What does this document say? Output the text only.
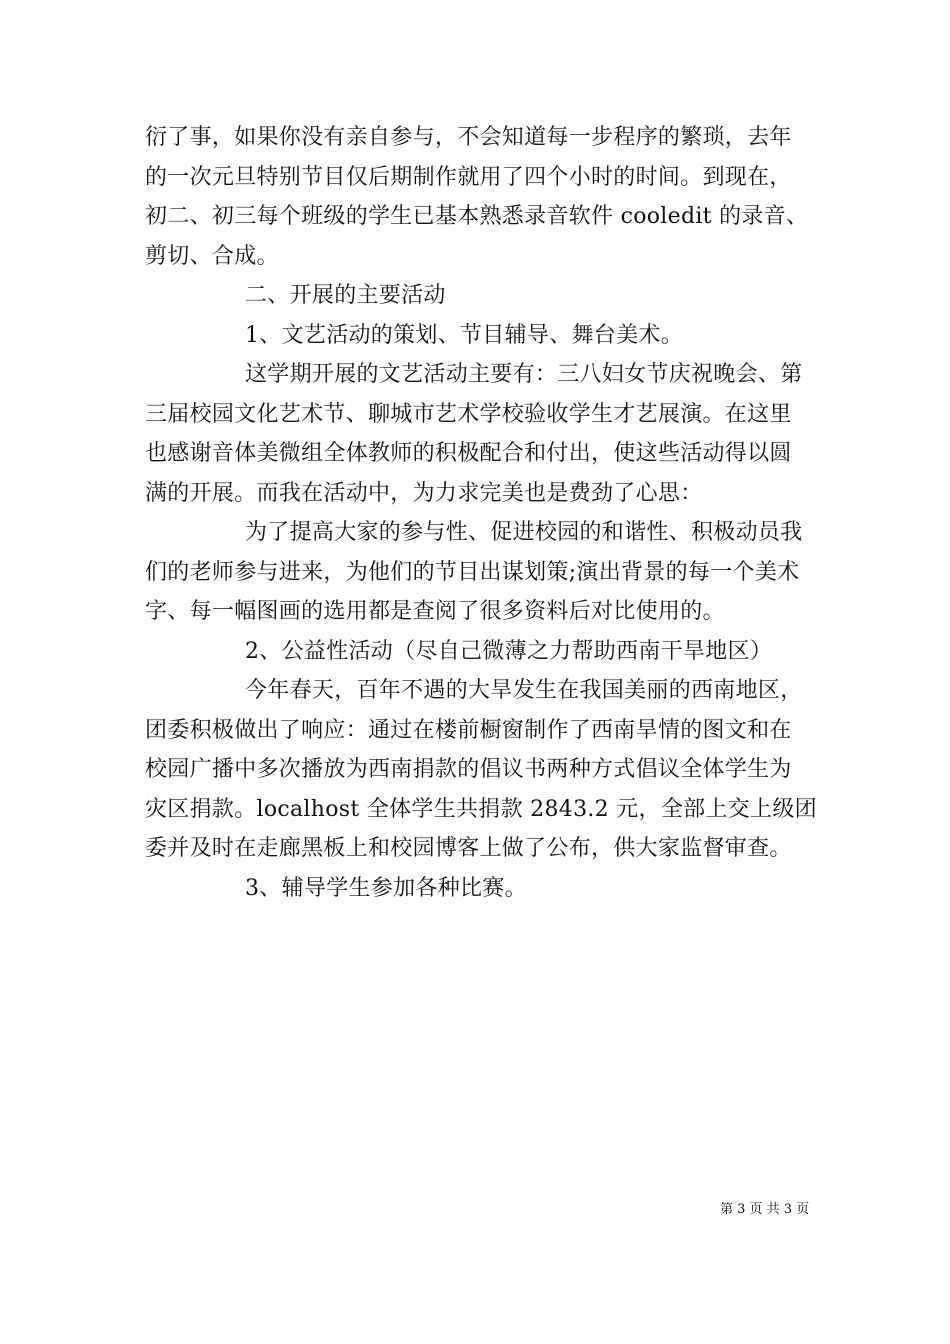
衍了事，如果你没有亲自参与，不会知道每一步程序的繁琐，去年
的一次元旦特别节目仅后期制作就用了四个小时的时间。到现在，
初二、初三每个班级的学生已基本熟悉录音软件 cooledit 的录音、
剪切、合成。
二、开展的主要活动
1、文艺活动的策划、节目辅导、舞台美术。
这学期开展的文艺活动主要有：三八妇女节庆祝晚会、第
三届校园文化艺术节、聊城市艺术学校验收学生才艺展演。在这里
也感谢音体美微组全体教师的积极配合和付出，使这些活动得以圆
满的开展。而我在活动中，为力求完美也是费劲了心思：
为了提高大家的参与性、促进校园的和谐性、积极动员我
们的老师参与进来，为他们的节目出谋划策;演出背景的每一个美术
字、每一幅图画的选用都是查阅了很多资料后对比使用的。
2、公益性活动（尽自己微薄之力帮助西南干旱地区）
今年春天，百年不遇的大旱发生在我国美丽的西南地区，
团委积极做出了响应：通过在楼前橱窗制作了西南旱情的图文和在
校园广播中多次播放为西南捐款的倡议书两种方式倡议全体学生为
灾区捐款。localhost 全体学生共捐款 2843.2 元，全部上交上级团
委并及时在走廊黑板上和校园博客上做了公布，供大家监督审查。
3、辅导学生参加各种比赛。
第 3 页 共 3 页
